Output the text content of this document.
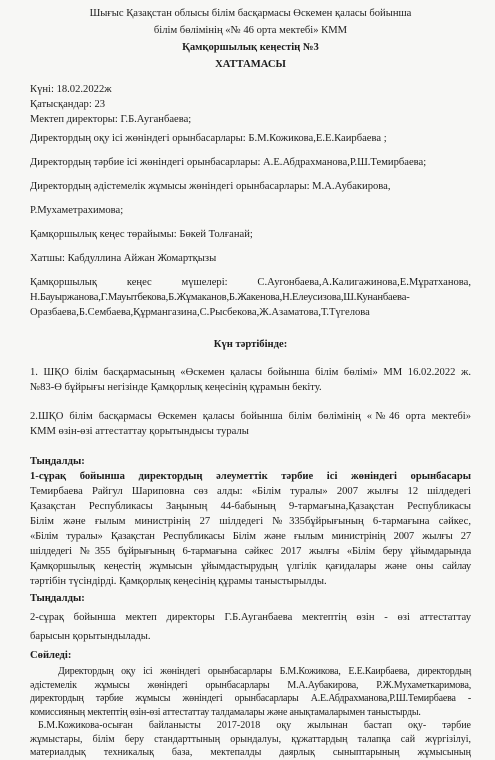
Шығыс Қазақстан облысы білім басқармасы Өскемен қаласы бойынша
білім бөлімінің «№ 46 орта мектебі» КММ
Қамқоршылық кеңестің №3
ХАТТАМАСЫ

Күні: 18.02.2022ж

Қатысқандар: 23

Мектеп директоры: Г.Б.Ауганбаева;

Директордың оқу ісі жөніндегі орынбасарлары: Б.М.Кожикова,Е.Е.Каирбаева ;

Директордың тәрбие ісі жөніндегі орынбасарлары: А.Е.Абдрахманова,Р.Ш.Темирбаева;

Директордың әдістемелік жұмысы жөніндегі орынбасарлары: М.А.Аубакирова,

Р.Мухаметрахимова;

Қамқоршылық кеңес төрайымы: Бөкей Толғанай;

Хатшы: Кабдуллина Айжан Жомартқызы

Қамқоршылық кеңес мүшелері: С.Аугонбаева,А.Калигажинова,Е.Мұратханова,

Н.Бауыржанова,Г.Мауытбекова,Б.Жұмаканов,Б.Жакенова,Н.Елеусизова,Ш.Кунанбаева-

Оразбаева,Б.Сембаева,Құрмангазина,С.Рысбекова,Ж.Азаматова,Т.Түгелова

Күн тәртібінде:

1. ШҚО білім басқармасының «Өскемен қаласы бойынша білім бөлімі» ММ 16.02.2022 ж.

№83-Ө бұйрығы негізінде Қамқорлық кеңесінің құрамын бекіту.

2.ШҚО білім басқармасы Өскемен қаласы бойынша білім бөлімінің «№46 орта мектебі»

КММ өзін-өзі аттестаттау қорытындысы туралы

Тыңдалды:

1-сұрақ бойынша директордың әлеуметтік тәрбие ісі жөніндегі орынбасары

Темирбаева Райгул Шариповна сөз алды: «Білім туралы» 2007 жылғы 12 шілдедегі

Қазақстан Республикасы Заңының 44-бабының 9-тармағына,Қазақстан Республикасы

Білім және ғылым министрінің 27 шілдедегі №335бұйрығының 6-тармағына сәйкес,

«Білім туралы» Қазақстан Республикасы Білім және ғылым министрінің 2007 жылғы 27

шілдедегі №355 бұйрығының 6-тармағына сәйкес 2017 жылғы «Білім беру ұйымдарында

Қамқоршылық кеңестің жұмысын ұйымдастырудың үлгілік қағидалары және оны сайлау

тәртібін түсіндірді. Қамқорлық кеңесінің құрамы таныстырылды.

Тыңдалды:

2-сұрақ бойынша мектеп директоры Г.Б.Ауганбаева мектептің өзін - өзі аттестаттау

барысын қорытындылады.

Сөйледі:

Директордың оқу ісі жөніндегі орынбасарлары Б.М.Кожикова, Е.Е.Каирбаева, директордың

әдістемелік жұмысы жөніндегі орынбасарлары М.А.Аубакирова, Р.Ж.Мухаметкаримова,

директордың тәрбие жұмысы жөніндегі орынбасарлары А.Е.Абдрахманова,Р.Ш.Темирбаева -

комиссияның мектептің өзін-өзі аттестаттау талдамалары және анықтамаларымен таныстырды.

Б.М.Кожикова-осыған байланысты 2017-2018 оқу жылынан бастап оқу- тәрбие

жұмыстары, білім беру стандарттының орындалуы, құжаттардың талапқа сай жүргізілуі,

материалдық техникалық база, мектепалды даярлық сыныптарының жұмысының
